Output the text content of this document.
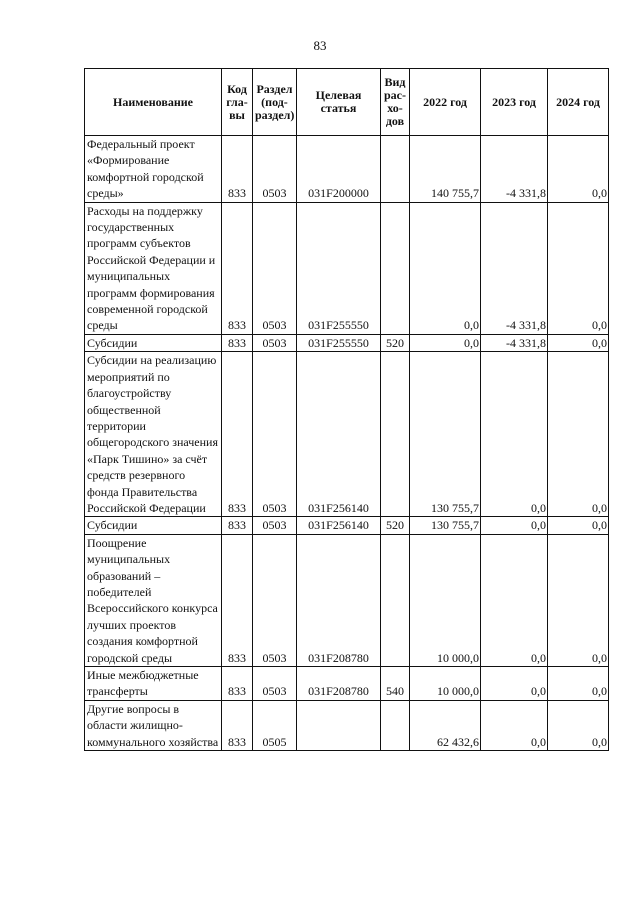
83
Наименование	Код гла- вы	Раздел (под- раздел)	Целевая статья	Вид рас- хо- дов	2022 год	2023 год	2024 год
Федеральный проект «Формирование комфортной городской среды»	833	0503	031F200000		140 755,7	-4 331,8	0,0
Расходы на поддержку государственных программ субъектов Российской Федерации и муниципальных программ формирования современной городской среды	833	0503	031F255550		0,0	-4 331,8	0,0
Субсидии	833	0503	031F255550	520	0,0	-4 331,8	0,0
Субсидии на реализацию мероприятий по благоустройству общественной территории общегородского значения «Парк Тишино» за счёт средств резервного фонда Правительства Российской Федерации	833	0503	031F256140		130 755,7	0,0	0,0
Субсидии	833	0503	031F256140	520	130 755,7	0,0	0,0
Поощрение муниципальных образований – победителей Всероссийского конкурса лучших проектов создания комфортной городской среды	833	0503	031F208780		10 000,0	0,0	0,0
Иные межбюджетные трансферты	833	0503	031F208780	540	10 000,0	0,0	0,0
Другие вопросы в области жилищно-коммунального хозяйства	833	0505			62 432,6	0,0	0,0
